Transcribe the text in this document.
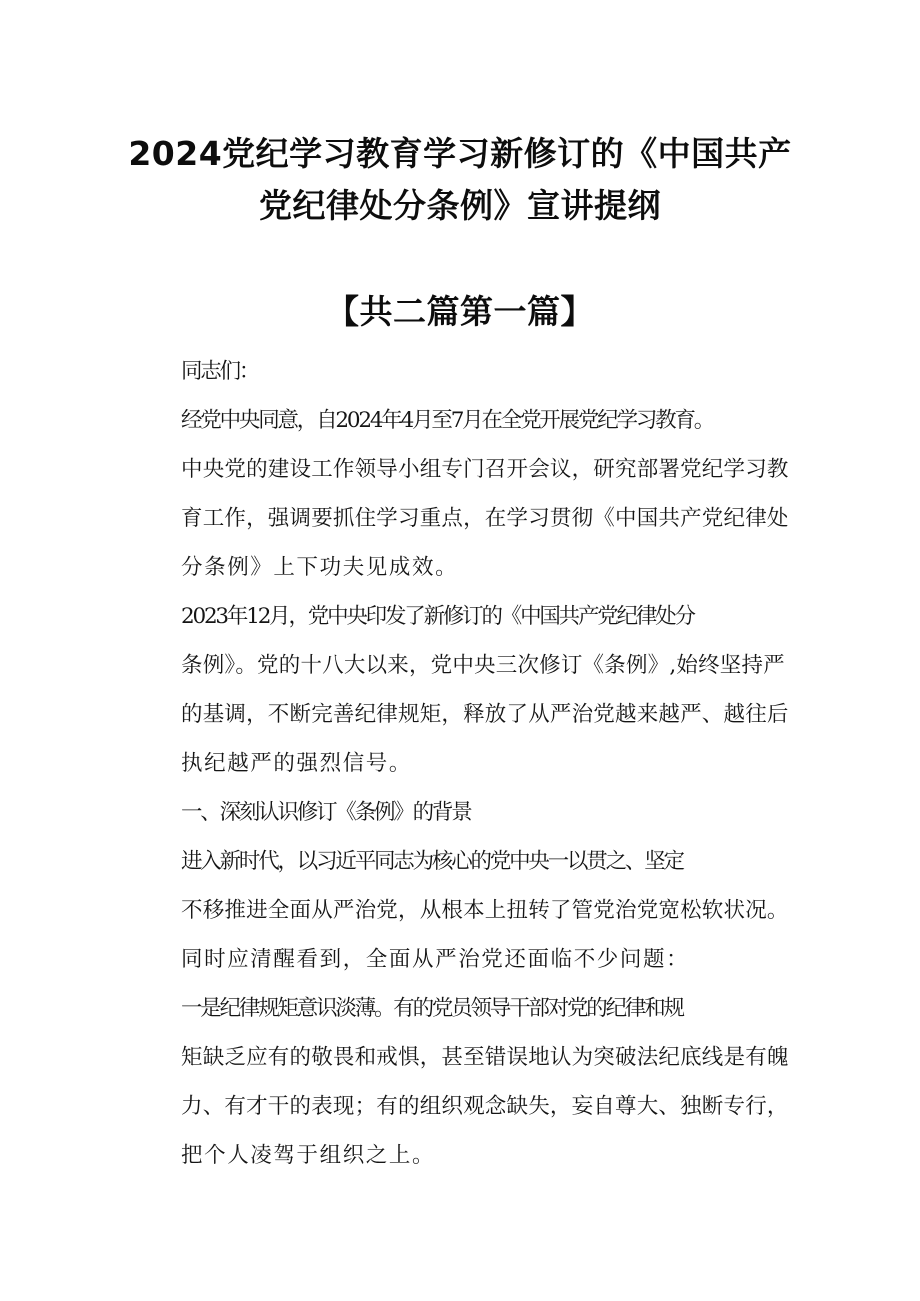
2024党纪学习教育学习新修订的《中国共产
党纪律处分条例》宣讲提纲
【共二篇第一篇】

同志们：

经党中央同意，自2024年4月至7月在全党开展党纪学习教育。
中央党的建设工作领导小组专门召开会议，研究部署党纪学习教
育工作，强调要抓住学习重点，在学习贯彻《中国共产党纪律处
分条例》上下功夫见成效。

2023年12月，党中央印发了新修订的《中国共产党纪律处分
条例》。党的十八大以来，党中央三次修订《条例》,始终坚持严
的基调，不断完善纪律规矩，释放了从严治党越来越严、越往后
执纪越严的强烈信号。

一、深刻认识修订《条例》的背景

进入新时代，以习近平同志为核心的党中央一以贯之、坚定
不移推进全面从严治党，从根本上扭转了管党治党宽松软状况。
同时应清醒看到，全面从严治党还面临不少问题：

一是纪律规矩意识淡薄。有的党员领导干部对党的纪律和规
矩缺乏应有的敬畏和戒惧，甚至错误地认为突破法纪底线是有魄
力、有才干的表现；有的组织观念缺失，妄自尊大、独断专行，
把个人凌驾于组织之上。
